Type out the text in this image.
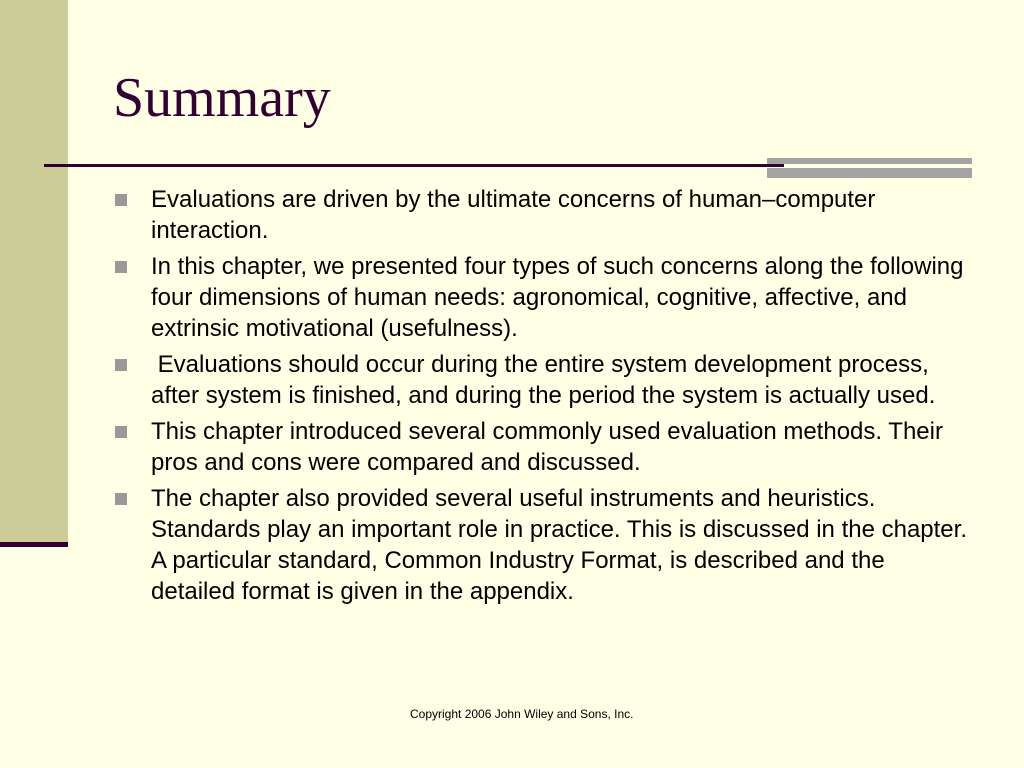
Summary
Evaluations are driven by the ultimate concerns of human–computer interaction.
In this chapter, we presented four types of such concerns along the following four dimensions of human needs: agronomical, cognitive, affective, and extrinsic motivational (usefulness).
Evaluations should occur during the entire system development process, after system is finished, and during the period the system is actually used.
This chapter introduced several commonly used evaluation methods. Their pros and cons were compared and discussed.
The chapter also provided several useful instruments and heuristics. Standards play an important role in practice. This is discussed in the chapter. A particular standard, Common Industry Format, is described and the detailed format is given in the appendix.
Copyright 2006 John Wiley and Sons, Inc.
